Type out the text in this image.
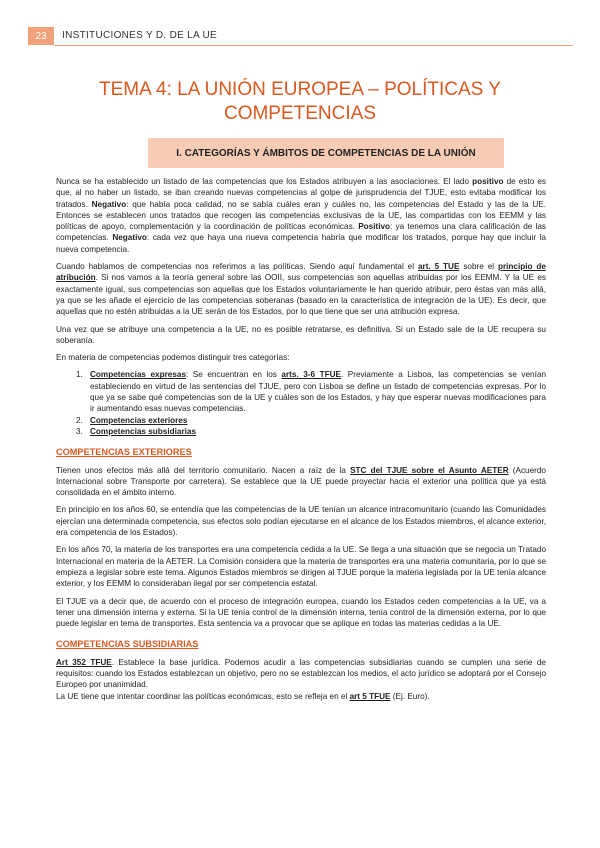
23	INSTITUCIONES Y D. DE LA UE
TEMA 4: LA UNIÓN EUROPEA – POLÍTICAS Y COMPETENCIAS
I. CATEGORÍAS Y ÁMBITOS DE COMPETENCIAS DE LA UNIÓN

Nunca se ha establecido un listado de las competencias que los Estados atribuyen a las asociaciones. El lado positivo de esto es que, al no haber un listado, se iban creando nuevas competencias al golpe de jurisprudencia del TJUE, esto evitaba modificar los tratados. Negativo: que había poca calidad, no se sabía cuáles eran y cuáles no, las competencias del Estado y las de la UE. Entonces se establecen unos tratados que recogen las competencias exclusivas de la UE, las compartidas con los EEMM y las políticas de apoyo, complementación y la coordinación de políticas económicas. Positivo: ya tenemos una clara calificación de las competencias. Negativo: cada vez que haya una nueva competencia habría que modificar los tratados, porque hay que incluir la nueva competencia.

Cuando hablamos de competencias nos referimos a las políticas. Siendo aquí fundamental el art. 5 TUE sobre el principio de atribución. Si nos vamos a la teoría general sobre las OOII, sus competencias son aquellas atribuidas por los EEMM. Y la UE es exactamente igual, sus competencias son aquellas que los Estados voluntariamente le han querido atribuir, pero éstas van más allá, ya que se les añade el ejercicio de las competencias soberanas (basado en la característica de integración de la UE). Es decir, que aquellas que no estén atribuidas a la UE serán de los Estados, por lo que tiene que ser una atribución expresa.

Una vez que se atribuye una competencia a la UE, no es posible retratarse, es definitiva. Si un Estado sale de la UE recupera su soberanía.

En materia de competencias podemos distinguir tres categorías:

1. Competencias expresas: Se encuentran en los arts. 3-6 TFUE. Previamente a Lisboa, las competencias se venían estableciendo en virtud de las sentencias del TJUE, pero con Lisboa se define un listado de competencias expresas. Por lo que ya se sabe qué competencias son de la UE y cuáles son de los Estados, y hay que esperar nuevas modificaciones para ir aumentando esas nuevas competencias.
2. Competencias exteriores
3. Competencias subsidiarias
COMPETENCIAS EXTERIORES

Tienen unos efectos más allá del territorio comunitario. Nacen a raíz de la STC del TJUE sobre el Asunto AETER (Acuerdo Internacional sobre Transporte por carretera). Se establece que la UE puede proyectar hacia el exterior una política que ya está consolidada en el ámbito interno.

En principio en los años 60, se entendía que las competencias de la UE tenían un alcance intracomunitario (cuando las Comunidades ejercían una determinada competencia, sus efectos solo podían ejecutarse en el alcance de los Estados miembros, el alcance exterior, era competencia de los Estados).

En los años 70, la materia de los transportes era una competencia cedida a la UE. Se llega a una situación que se negocia un Tratado Internacional en materia de la AETER. La Comisión considera que la materia de transportes era una materia comunitaria, por lo que se empieza a legislar sobre este tema. Algunos Estados miembros se dirigen al TJUE porque la materia legislada por la UE tenía alcance exterior, y los EEMM lo consideraban ilegal por ser competencia estatal.

El TJUE va a decir que, de acuerdo con el proceso de integración europea, cuando los Estados ceden competencias a la UE, va a tener una dimensión interna y externa. Si la UE tenía control de la dimensión interna, tenía control de la dimensión externa, por lo que puede legislar en tema de transportes. Esta sentencia va a provocar que se aplique en todas las materias cedidas a la UE.

COMPETENCIAS SUBSIDIARIAS

Art 352 TFUE. Establece la base jurídica. Podemos acudir a las competencias subsidiarias cuando se cumplen una serie de requisitos: cuando los Estados establezcan un objetivo, pero no se establezcan los medios, el acto jurídico se adoptará por el Consejo Europeo por unanimidad.

La UE tiene que intentar coordinar las políticas económicas, esto se refleja en el art 5 TFUE (Ej. Euro).
